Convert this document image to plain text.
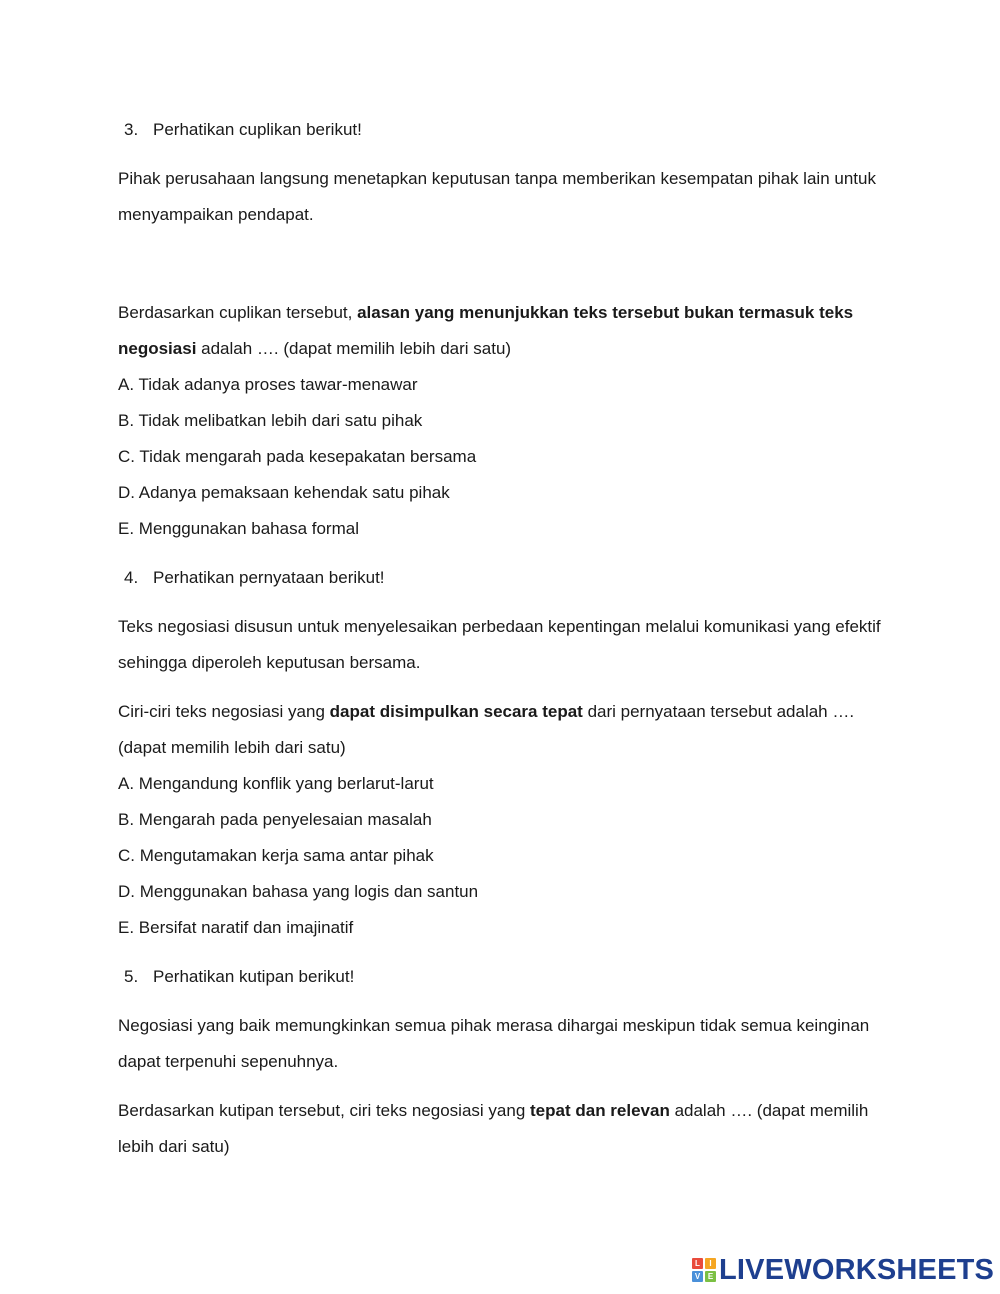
3. Perhatikan cuplikan berikut!
Pihak perusahaan langsung menetapkan keputusan tanpa memberikan kesempatan pihak lain untuk menyampaikan pendapat.
Berdasarkan cuplikan tersebut, alasan yang menunjukkan teks tersebut bukan termasuk teks negosiasi adalah …. (dapat memilih lebih dari satu)

A. Tidak adanya proses tawar-menawar

B. Tidak melibatkan lebih dari satu pihak

C. Tidak mengarah pada kesepakatan bersama

D. Adanya pemaksaan kehendak satu pihak

E. Menggunakan bahasa formal

4. Perhatikan pernyataan berikut!
Teks negosiasi disusun untuk menyelesaikan perbedaan kepentingan melalui komunikasi yang efektif sehingga diperoleh keputusan bersama.
Ciri-ciri teks negosiasi yang dapat disimpulkan secara tepat dari pernyataan tersebut adalah …. (dapat memilih lebih dari satu)

A. Mengandung konflik yang berlarut-larut

B. Mengarah pada penyelesaian masalah

C. Mengutamakan kerja sama antar pihak

D. Menggunakan bahasa yang logis dan santun

E. Bersifat naratif dan imajinatif

5. Perhatikan kutipan berikut!
Negosiasi yang baik memungkinkan semua pihak merasa dihargai meskipun tidak semua keinginan dapat terpenuhi sepenuhnya.
Berdasarkan kutipan tersebut, ciri teks negosiasi yang tepat dan relevan adalah …. (dapat memilih lebih dari satu)
L	I
V E LIVEWORKSHEETS
